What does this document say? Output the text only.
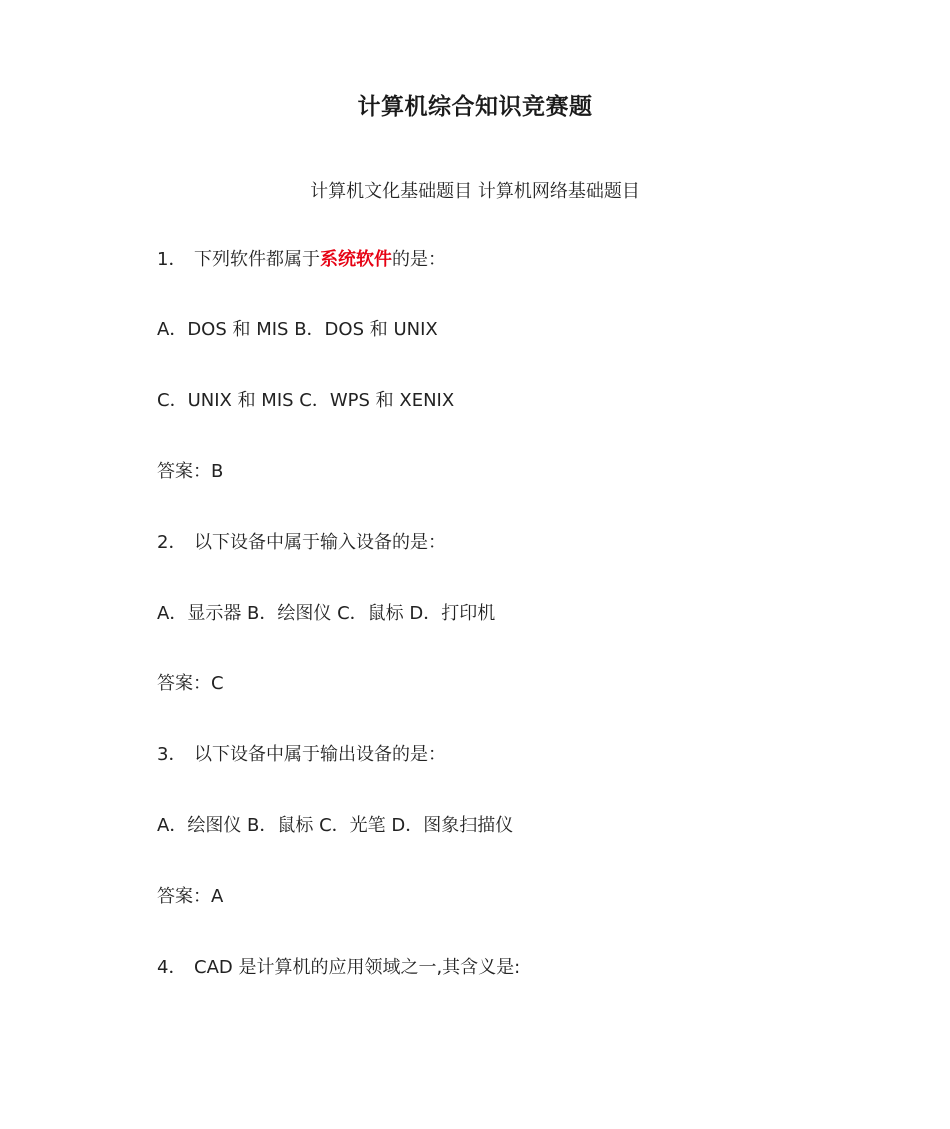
计算机综合知识竞赛题
计算机文化基础题目 计算机网络基础题目
1． 下列软件都属于系统软件的是：
A．DOS 和 MIS B．DOS 和 UNIX
C．UNIX 和 MIS C．WPS 和 XENIX
答案：B
2． 以下设备中属于输入设备的是：
A．显示器 B．绘图仪 C．鼠标 D．打印机
答案：C
3． 以下设备中属于输出设备的是：
A．绘图仪 B．鼠标 C．光笔 D．图象扫描仪
答案：A
4． CAD 是计算机的应用领域之一,其含义是:
